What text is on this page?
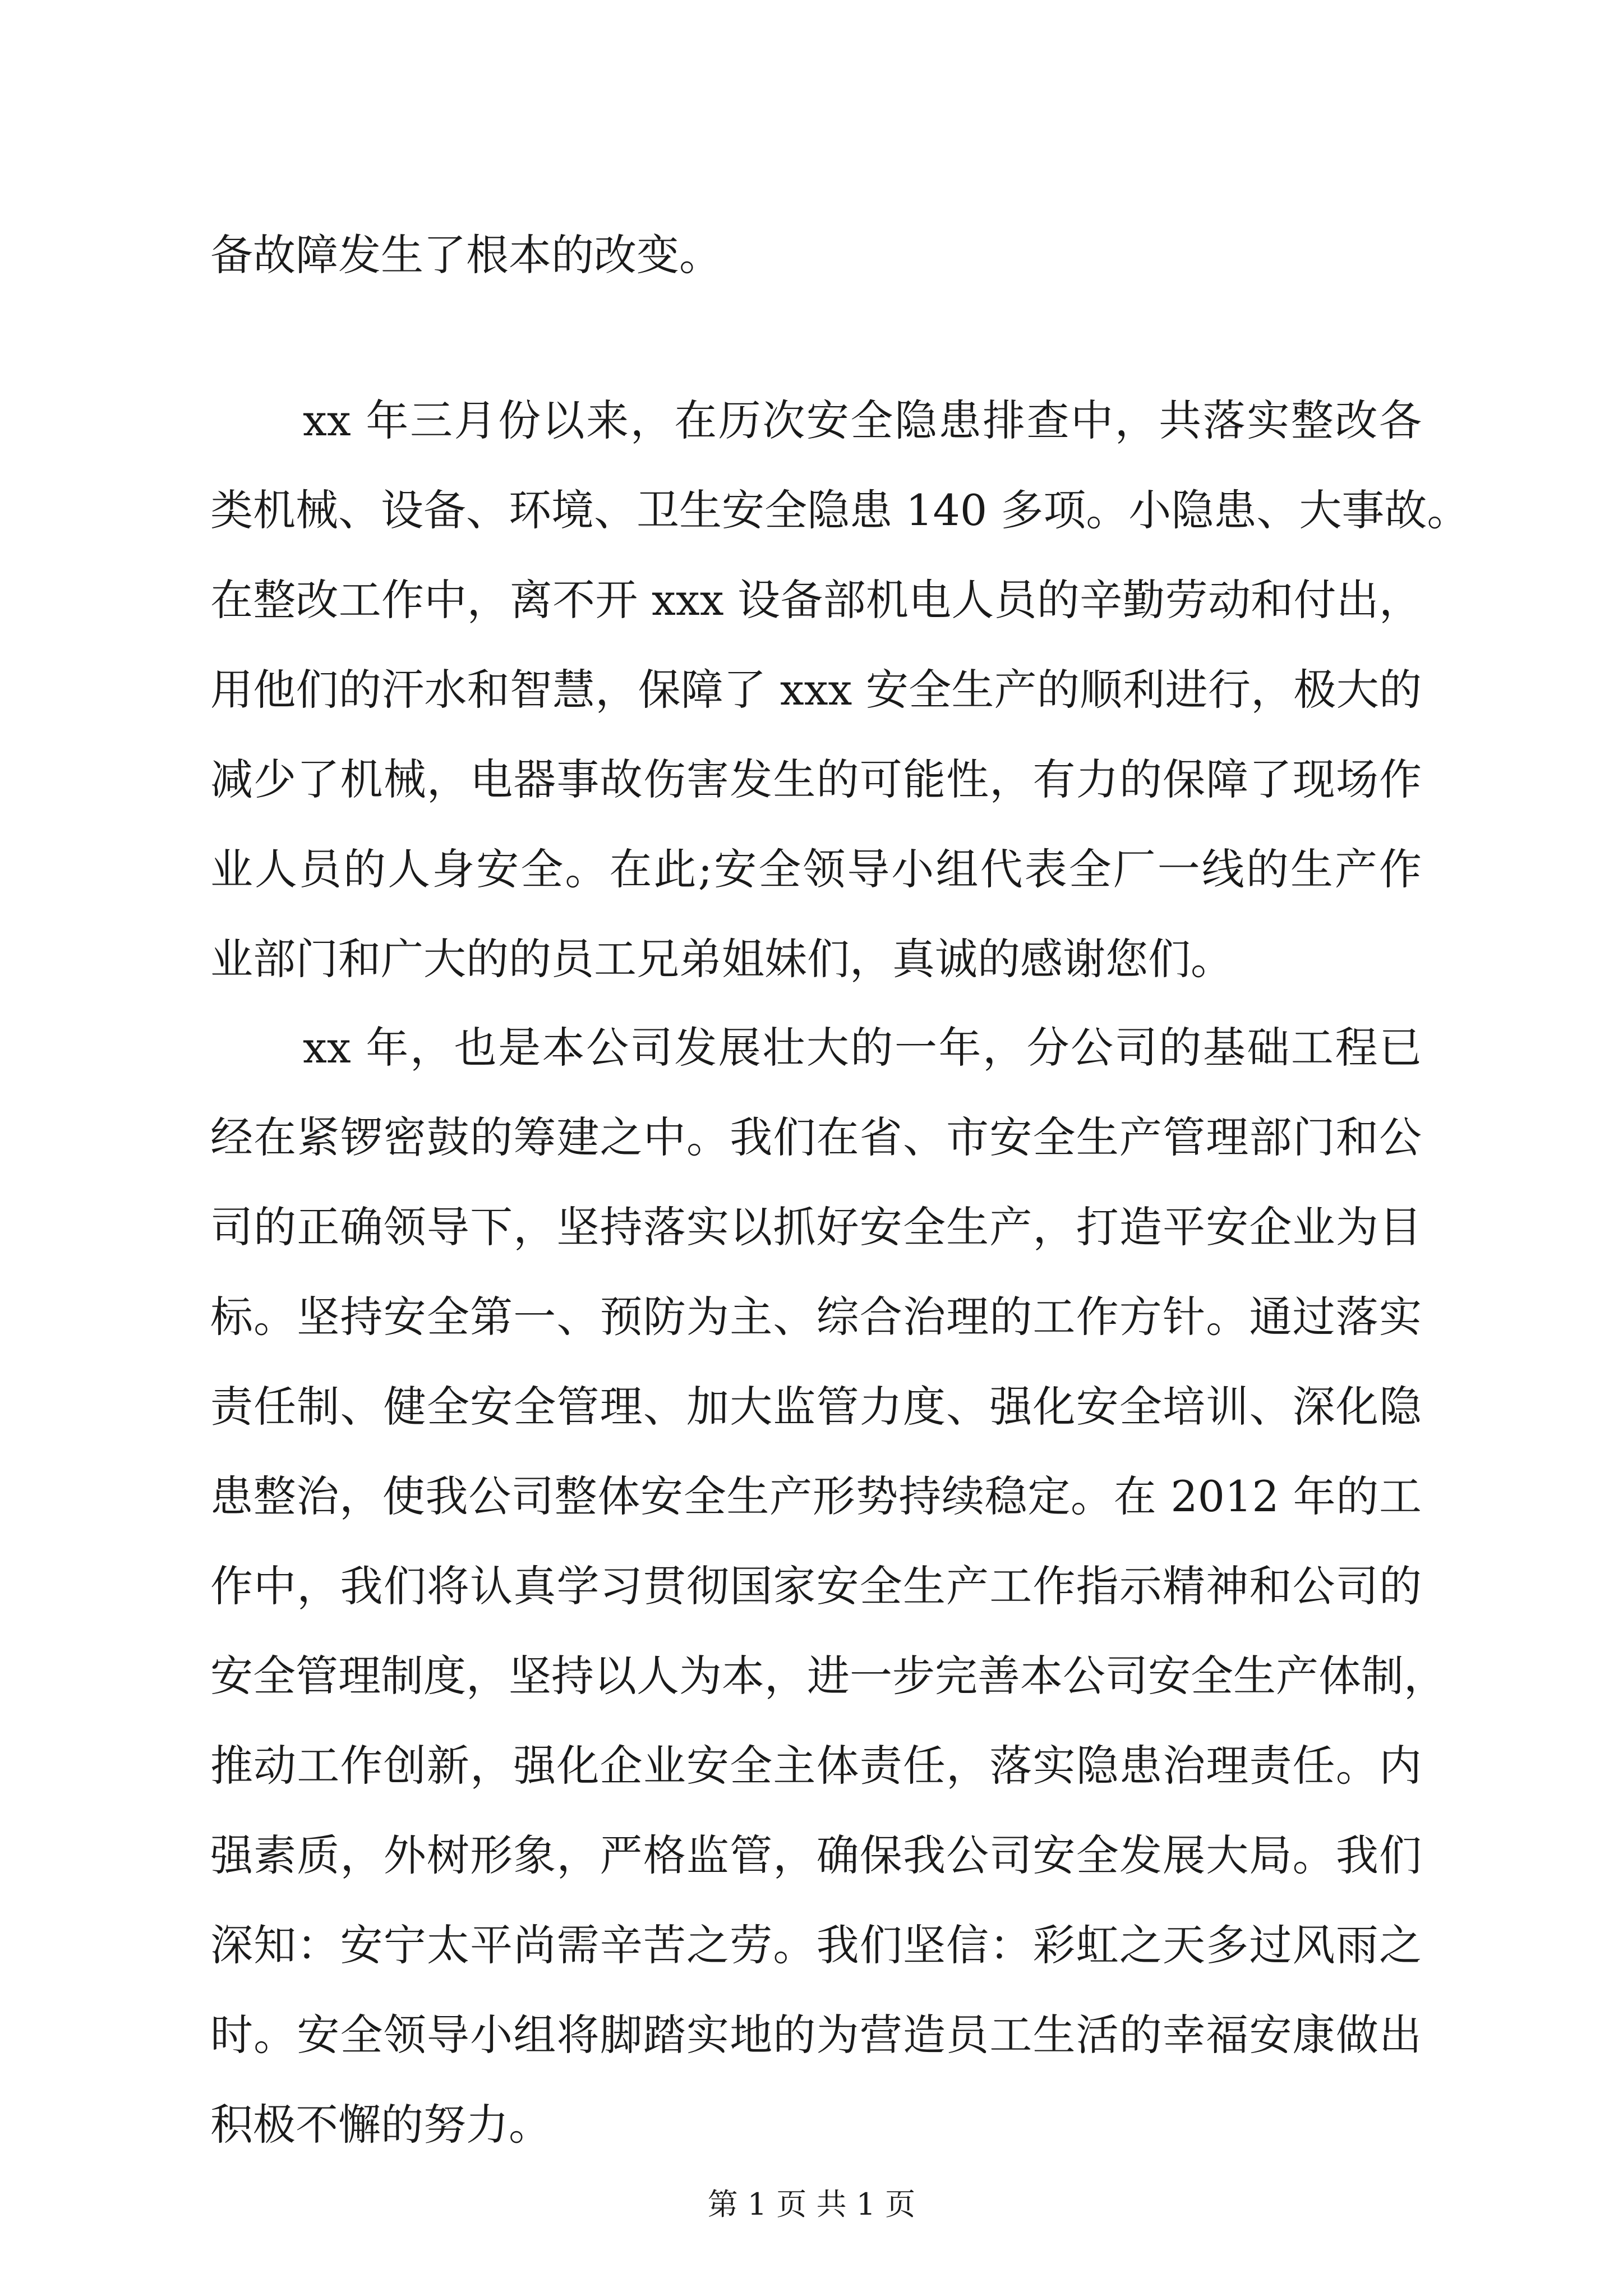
备故障发生了根本的改变。
xx 年三月份以来，在历次安全隐患排查中，共落实整改各
类机械、设备、环境、卫生安全隐患 140 多项。小隐患、大事故。
在整改工作中，离不开 xxx 设备部机电人员的辛勤劳动和付出，
用他们的汗水和智慧，保障了 xxx 安全生产的顺利进行，极大的
减少了机械，电器事故伤害发生的可能性，有力的保障了现场作
业人员的人身安全。在此;安全领导小组代表全厂一线的生产作
业部门和广大的的员工兄弟姐妹们，真诚的感谢您们。
xx 年，也是本公司发展壮大的一年，分公司的基础工程已
经在紧锣密鼓的筹建之中。我们在省、市安全生产管理部门和公
司的正确领导下，坚持落实以抓好安全生产，打造平安企业为目
标。坚持安全第一、预防为主、综合治理的工作方针。通过落实
责任制、健全安全管理、加大监管力度、强化安全培训、深化隐
患整治，使我公司整体安全生产形势持续稳定。在 2012 年的工
作中，我们将认真学习贯彻国家安全生产工作指示精神和公司的
安全管理制度，坚持以人为本，进一步完善本公司安全生产体制，
推动工作创新，强化企业安全主体责任，落实隐患治理责任。内
强素质，外树形象，严格监管，确保我公司安全发展大局。我们
深知：安宁太平尚需辛苦之劳。我们坚信：彩虹之天多过风雨之
时。安全领导小组将脚踏实地的为营造员工生活的幸福安康做出
积极不懈的努力。
第 1 页 共 1 页
